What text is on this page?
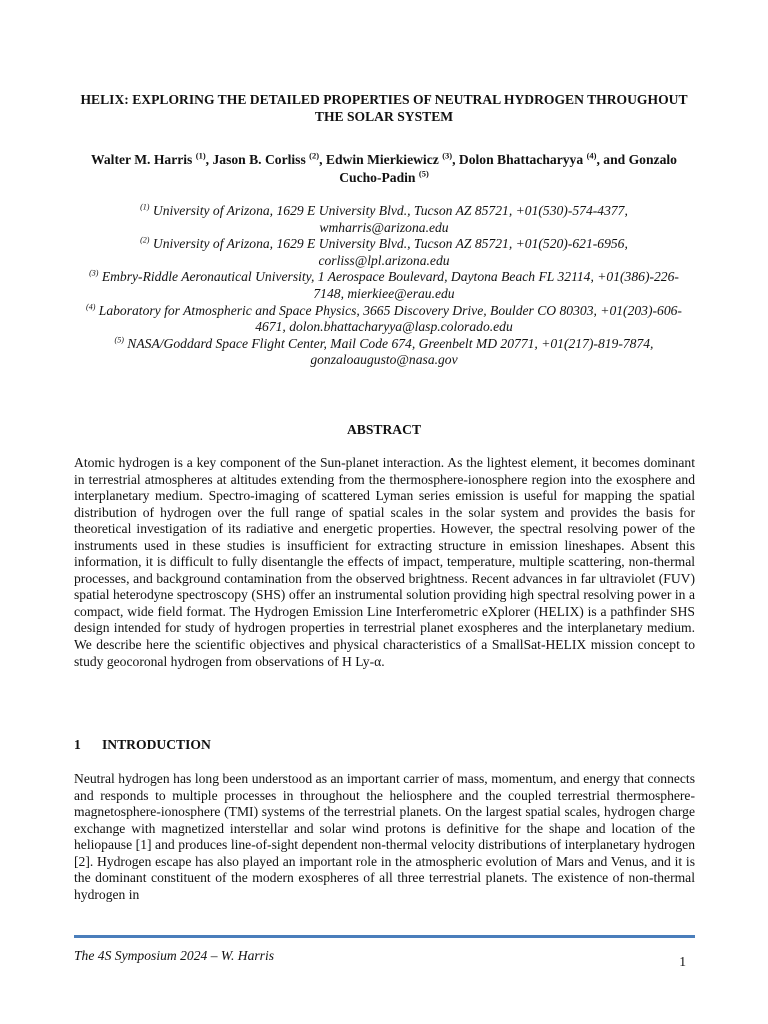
HELIX: EXPLORING THE DETAILED PROPERTIES OF NEUTRAL HYDROGEN THROUGHOUT THE SOLAR SYSTEM
Walter M. Harris $^{(1)}$, Jason B. Corliss $^{(2)}$, Edwin Mierkiewicz $^{(3)}$, Dolon Bhattacharyya $^{(4)}$, and Gonzalo Cucho-Padin $^{(5)}$

$^{(1)}$ University of Arizona, 1629 E University Blvd., Tucson AZ 85721, +01(530)-574-4377, wmharris@arizona.edu

$^{(2)}$ University of Arizona, 1629 E University Blvd., Tucson AZ 85721, +01(520)-621-6956, corliss@lpl.arizona.edu

$^{(3)}$ Embry-Riddle Aeronautical University, 1 Aerospace Boulevard, Daytona Beach FL 32114, +01(386)-226-7148, mierkiee@erau.edu

$^{(4)}$ Laboratory for Atmospheric and Space Physics, 3665 Discovery Drive, Boulder CO 80303, +01(203)-606-4671, dolon.bhattacharyya@lasp.colorado.edu

$^{(5)}$ NASA/Goddard Space Flight Center, Mail Code 674, Greenbelt MD 20771, +01(217)-819-7874, gonzaloaugusto@nasa.gov

ABSTRACT

Atomic hydrogen is a key component of the Sun-planet interaction. As the lightest element, it becomes dominant in terrestrial atmospheres at altitudes extending from the thermosphere-ionosphere region into the exosphere and interplanetary medium. Spectro-imaging of scattered Lyman series emission is useful for mapping the spatial distribution of hydrogen over the full range of spatial scales in the solar system and provides the basis for theoretical investigation of its radiative and energetic properties. However, the spectral resolving power of the instruments used in these studies is insufficient for extracting structure in emission lineshapes. Absent this information, it is difficult to fully disentangle the effects of impact, temperature, multiple scattering, non-thermal processes, and background contamination from the observed brightness. Recent advances in far ultraviolet (FUV) spatial heterodyne spectroscopy (SHS) offer an instrumental solution providing high spectral resolving power in a compact, wide field format. The Hydrogen Emission Line Interferometric eXplorer (HELIX) is a pathfinder SHS design intended for study of hydrogen properties in terrestrial planet exospheres and the interplanetary medium. We describe here the scientific objectives and physical characteristics of a SmallSat-HELIX mission concept to study geocoronal hydrogen from observations of H Ly-α.

1 INTRODUCTION

Neutral hydrogen has long been understood as an important carrier of mass, momentum, and energy that connects and responds to multiple processes in throughout the heliosphere and the coupled terrestrial thermosphere-magnetosphere-ionosphere (TMI) systems of the terrestrial planets. On the largest spatial scales, hydrogen charge exchange with magnetized interstellar and solar wind protons is definitive for the shape and location of the heliopause [1] and produces line-of-sight dependent non-thermal velocity distributions of interplanetary hydrogen [2]. Hydrogen escape has also played an important role in the atmospheric evolution of Mars and Venus, and it is the dominant constituent of the modern exospheres of all three terrestrial planets. The existence of non-thermal hydrogen in

The 4S Symposium 2024 – W. Harris	1
